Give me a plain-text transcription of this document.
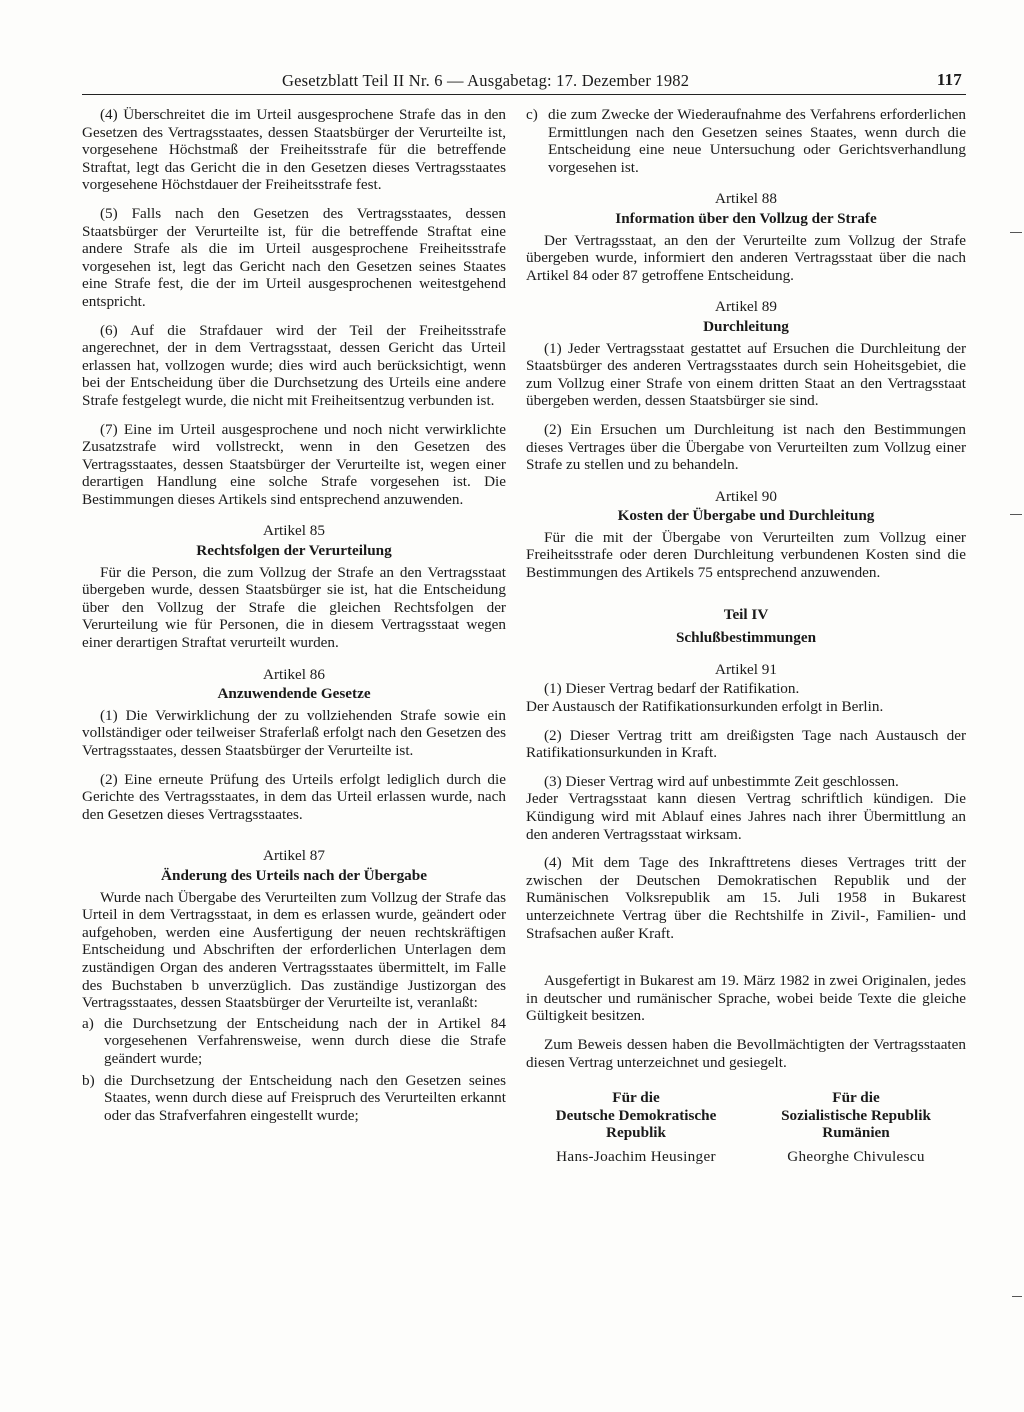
Gesetzblatt Teil II Nr. 6 — Ausgabetag: 17. Dezember 1982	117

(4) Überschreitet die im Urteil ausgesprochene Strafe das in den Gesetzen des Vertragsstaates, dessen Staatsbürger der Verurteilte ist, vorgesehene Höchstmaß der Freiheitsstrafe für die betreffende Straftat, legt das Gericht die in den Gesetzen dieses Vertragsstaates vorgesehene Höchstdauer der Freiheitsstrafe fest.

(5) Falls nach den Gesetzen des Vertragsstaates, dessen Staatsbürger der Verurteilte ist, für die betreffende Straftat eine andere Strafe als die im Urteil ausgesprochene Freiheitsstrafe vorgesehen ist, legt das Gericht nach den Gesetzen seines Staates eine Strafe fest, die der im Urteil ausgesprochenen weitestgehend entspricht.

(6) Auf die Strafdauer wird der Teil der Freiheitsstrafe angerechnet, der in dem Vertragsstaat, dessen Gericht das Urteil erlassen hat, vollzogen wurde; dies wird auch berücksichtigt, wenn bei der Entscheidung über die Durchsetzung des Urteils eine andere Strafe festgelegt wurde, die nicht mit Freiheitsentzug verbunden ist.

(7) Eine im Urteil ausgesprochene und noch nicht verwirklichte Zusatzstrafe wird vollstreckt, wenn in den Gesetzen des Vertragsstaates, dessen Staatsbürger der Verurteilte ist, wegen einer derartigen Handlung eine solche Strafe vorgesehen ist. Die Bestimmungen dieses Artikels sind entsprechend anzuwenden.

Artikel 85
Rechtsfolgen der Verurteilung

Für die Person, die zum Vollzug der Strafe an den Vertragsstaat übergeben wurde, dessen Staatsbürger sie ist, hat die Entscheidung über den Vollzug der Strafe die gleichen Rechtsfolgen der Verurteilung wie für Personen, die in diesem Vertragsstaat wegen einer derartigen Straftat verurteilt wurden.

Artikel 86
Anzuwendende Gesetze

(1) Die Verwirklichung der zu vollziehenden Strafe sowie ein vollständiger oder teilweiser Straferlaß erfolgt nach den Gesetzen des Vertragsstaates, dessen Staatsbürger der Verurteilte ist.

(2) Eine erneute Prüfung des Urteils erfolgt lediglich durch die Gerichte des Vertragsstaates, in dem das Urteil erlassen wurde, nach den Gesetzen dieses Vertragsstaates.

Artikel 87
Änderung des Urteils nach der Übergabe

Wurde nach Übergabe des Verurteilten zum Vollzug der Strafe das Urteil in dem Vertragsstaat, in dem es erlassen wurde, geändert oder aufgehoben, werden eine Ausfertigung der neuen rechtskräftigen Entscheidung und Abschriften der erforderlichen Unterlagen dem zuständigen Organ des anderen Vertragsstaates übermittelt, im Falle des Buchstaben b unverzüglich. Das zuständige Justizorgan des Vertragsstaates, dessen Staatsbürger der Verurteilte ist, veranlaßt:

a) die Durchsetzung der Entscheidung nach der in Artikel 84 vorgesehenen Verfahrensweise, wenn durch diese die Strafe geändert wurde;
b) die Durchsetzung der Entscheidung nach den Gesetzen seines Staates, wenn durch diese auf Freispruch des Verurteilten erkannt oder das Strafverfahren eingestellt wurde;
c) die zum Zwecke der Wiederaufnahme des Verfahrens erforderlichen Ermittlungen nach den Gesetzen seines Staates, wenn durch die Entscheidung eine neue Untersuchung oder Gerichtsverhandlung vorgesehen ist.
Artikel 88
Information über den Vollzug der Strafe

Der Vertragsstaat, an den der Verurteilte zum Vollzug der Strafe übergeben wurde, informiert den anderen Vertragsstaat über die nach Artikel 84 oder 87 getroffene Entscheidung.

Artikel 89
Durchleitung

(1) Jeder Vertragsstaat gestattet auf Ersuchen die Durchleitung der Staatsbürger des anderen Vertragsstaates durch sein Hoheitsgebiet, die zum Vollzug einer Strafe von einem dritten Staat an den Vertragsstaat übergeben werden, dessen Staatsbürger sie sind.

(2) Ein Ersuchen um Durchleitung ist nach den Bestimmungen dieses Vertrages über die Übergabe von Verurteilten zum Vollzug einer Strafe zu stellen und zu behandeln.

Artikel 90
Kosten der Übergabe und Durchleitung

Für die mit der Übergabe von Verurteilten zum Vollzug einer Freiheitsstrafe oder deren Durchleitung verbundenen Kosten sind die Bestimmungen des Artikels 75 entsprechend anzuwenden.

Teil IV
Schlußbestimmungen
Artikel 91
(1) Dieser Vertrag bedarf der Ratifikation.

Der Austausch der Ratifikationsurkunden erfolgt in Berlin.

(2) Dieser Vertrag tritt am dreißigsten Tage nach Austausch der Ratifikationsurkunden in Kraft.

(3) Dieser Vertrag wird auf unbestimmte Zeit geschlossen.

Jeder Vertragsstaat kann diesen Vertrag schriftlich kündigen. Die Kündigung wird mit Ablauf eines Jahres nach ihrer Übermittlung an den anderen Vertragsstaat wirksam.

(4) Mit dem Tage des Inkrafttretens dieses Vertrages tritt der zwischen der Deutschen Demokratischen Republik und der Rumänischen Volksrepublik am 15. Juli 1958 in Bukarest unterzeichnete Vertrag über die Rechtshilfe in Zivil-, Familien- und Strafsachen außer Kraft.

Ausgefertigt in Bukarest am 19. März 1982 in zwei Originalen, jedes in deutscher und rumänischer Sprache, wobei beide Texte die gleiche Gültigkeit besitzen.

Zum Beweis dessen haben die Bevollmächtigten der Vertragsstaaten diesen Vertrag unterzeichnet und gesiegelt.

Für die
Deutsche Demokratische
Republik
Hans-Joachim Heusinger
Für die
Sozialistische Republik
Rumänien
Gheorghe Chivulescu
